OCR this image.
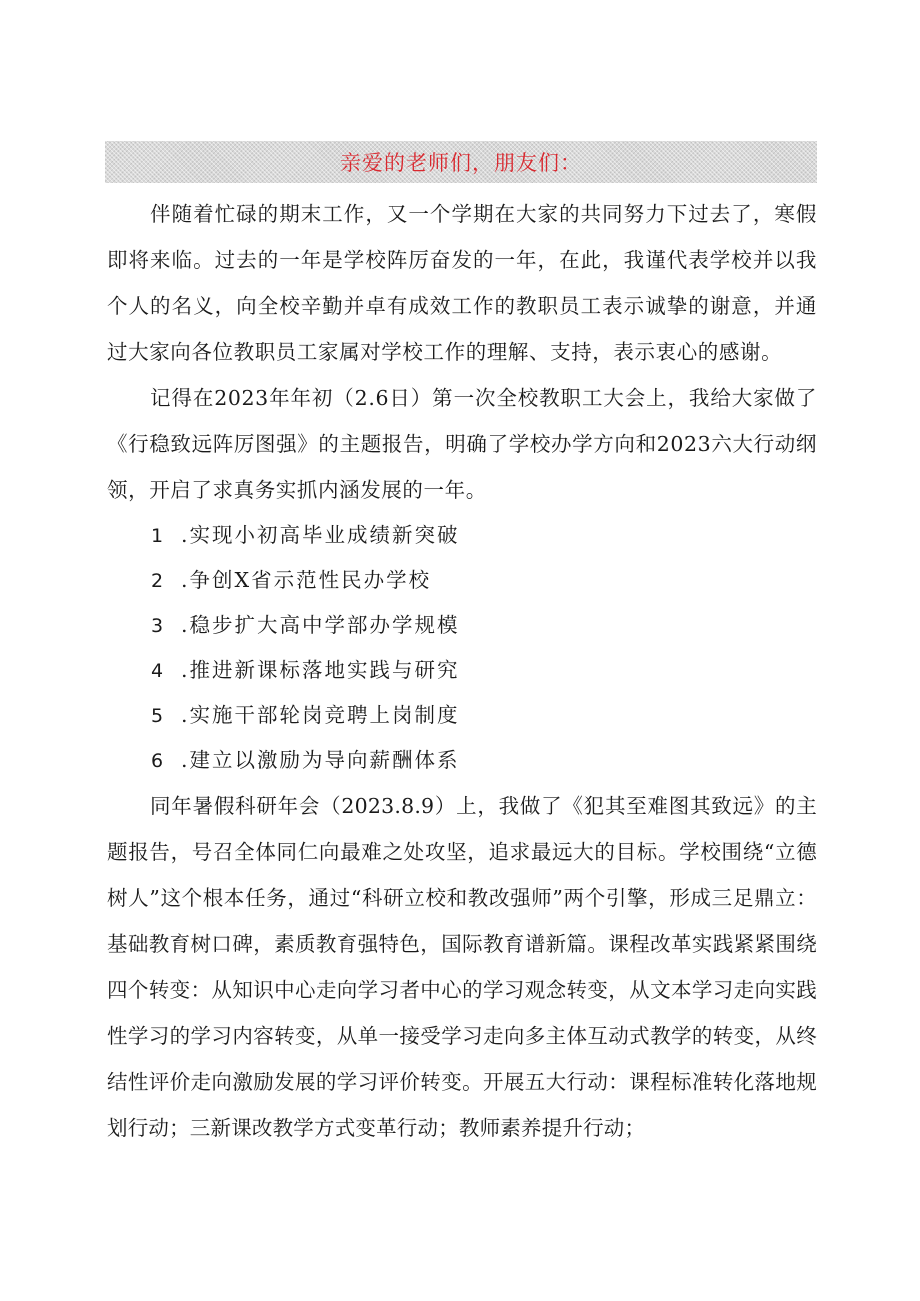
亲爱的老师们，朋友们：

伴随着忙碌的期末工作，又一个学期在大家的共同努力下过去了，寒假即将来临。过去的一年是学校阵厉奋发的一年，在此，我谨代表学校并以我个人的名义，向全校辛勤并卓有成效工作的教职员工表示诚挚的谢意，并通过大家向各位教职员工家属对学校工作的理解、支持，表示衷心的感谢。

记得在2023年年初（2.6日）第一次全校教职工大会上，我给大家做了《行稳致远阵厉图强》的主题报告，明确了学校办学方向和2023六大行动纲领，开启了求真务实抓内涵发展的一年。

1 .实现小初高毕业成绩新突破
2 .争创X省示范性民办学校
3 .稳步扩大高中学部办学规模
4 .推进新课标落地实践与研究
5 .实施干部轮岗竞聘上岗制度
6 .建立以激励为导向薪酬体系

同年暑假科研年会（2023.8.9）上，我做了《犯其至难图其致远》的主题报告，号召全体同仁向最难之处攻坚，追求最远大的目标。学校围绕“立德树人”这个根本任务，通过“科研立校和教改强师”两个引擎，形成三足鼎立：基础教育树口碑，素质教育强特色，国际教育谱新篇。课程改革实践紧紧围绕四个转变：从知识中心走向学习者中心的学习观念转变，从文本学习走向实践性学习的学习内容转变，从单一接受学习走向多主体互动式教学的转变，从终结性评价走向激励发展的学习评价转变。开展五大行动：课程标准转化落地规划行动；三新课改教学方式变革行动；教师素养提升行动；
